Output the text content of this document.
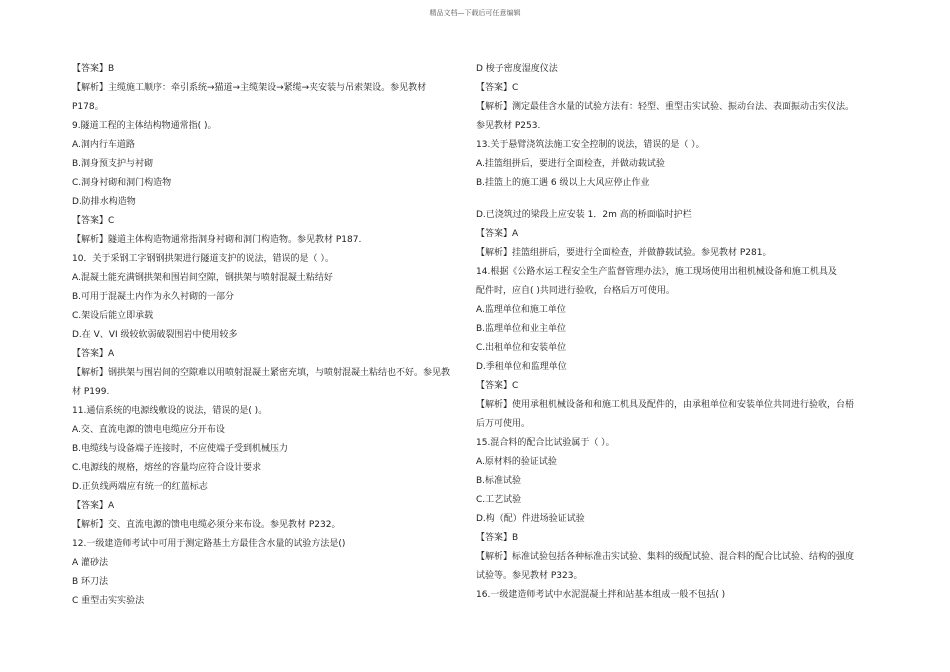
精品文档—下载后可任意编辑
【答案】B
【解析】主缆施工顺序：牵引系统→猫道→主缆架设→紧缆→夹安装与吊索架设。参见教材
P178。
9.隧道工程的主体结构物通常指( )。
A.洞内行车道路
B.洞身预支护与衬砌
C.洞身衬砌和洞门构造物
D.防排水构造物
【答案】C
【解析】隧道主体构造物通常指洞身衬砌和洞门构造物。参见教材 P187.
10．关于采钢工字钢钢拱架进行隧道支护的说法，错误的是（ ）。
A.混凝土能充满钢拱架和围岩间空隙，钢拱架与喷射混凝土粘结好
B.可用于混凝土内作为永久衬砌的一部分
C.架设后能立即承载
D.在 V、VI 级较软弱破裂围岩中使用较多
【答案】A
【解析】钢拱架与围岩间的空隙难以用喷射混凝土紧密充填，与喷射混凝土粘结也不好。参见教
材 P199.
11.通信系统的电源线敷设的说法，错误的是( )。
A.交、直流电源的馈电电缆应分开布设
B.电缆线与设备端子连接时，不应使端子受到机械压力
C.电源线的规格，熔丝的容量均应符合设计要求
D.正负线两端应有统一的红蓝标志
【答案】A
【解析】交、直流电源的馈电电缆必须分来布设。参见教材 P232。
12.一级建造师考试中可用于测定路基土方最佳含水量的试验方法是()
A 灌砂法
B 环刀法
C 重型击实实验法
D 梭子密度湿度仪法
【答案】C
【解析】测定最佳含水量的试验方法有：轻型、重型击实试验、振动台法、表面振动击实仪法。
参见教材 P253.
13.关于悬臂浇筑法施工安全控制的说法，错误的是（ ）。
A.挂篮组拼后，要进行全面检查，并做动载试验
B.挂篮上的施工遇 6 级以上大风应停止作业
D.已浇筑过的梁段上应安装 1．2m 高的桥面临时护栏
【答案】A
【解析】挂篮组拼后，要进行全面检查，并做静载试验。参见教材 P281。
14.根据《公路水运工程安全生产监督管理办法》，施工现场使用出租机械设备和施工机具及
配件时，应自( )共同进行验收，台格后万可使用。
A.监理单位和施工单位
B.监理单位和业主单位
C.出租单位和安装单位
D.季租单位和监理单位
【答案】C
【解析】使用承租机械设备和和施工机具及配件的，由承租单位和安装单位共同进行验收，台梧
后万可使用。
15.混合料的配合比试验属于（ ）。
A.原材料的验证试验
B.标准试验
C.工艺试验
D.构（配）件进场验证试验
【答案】B
【解析】标准试验包括各种标准击实试验、集料的级配试验、混合料的配合比试验、结构的强度
试验等。参见教材 P323。
16.一级建造师考试中水泥混凝土拌和站基本组成一般不包括( )
